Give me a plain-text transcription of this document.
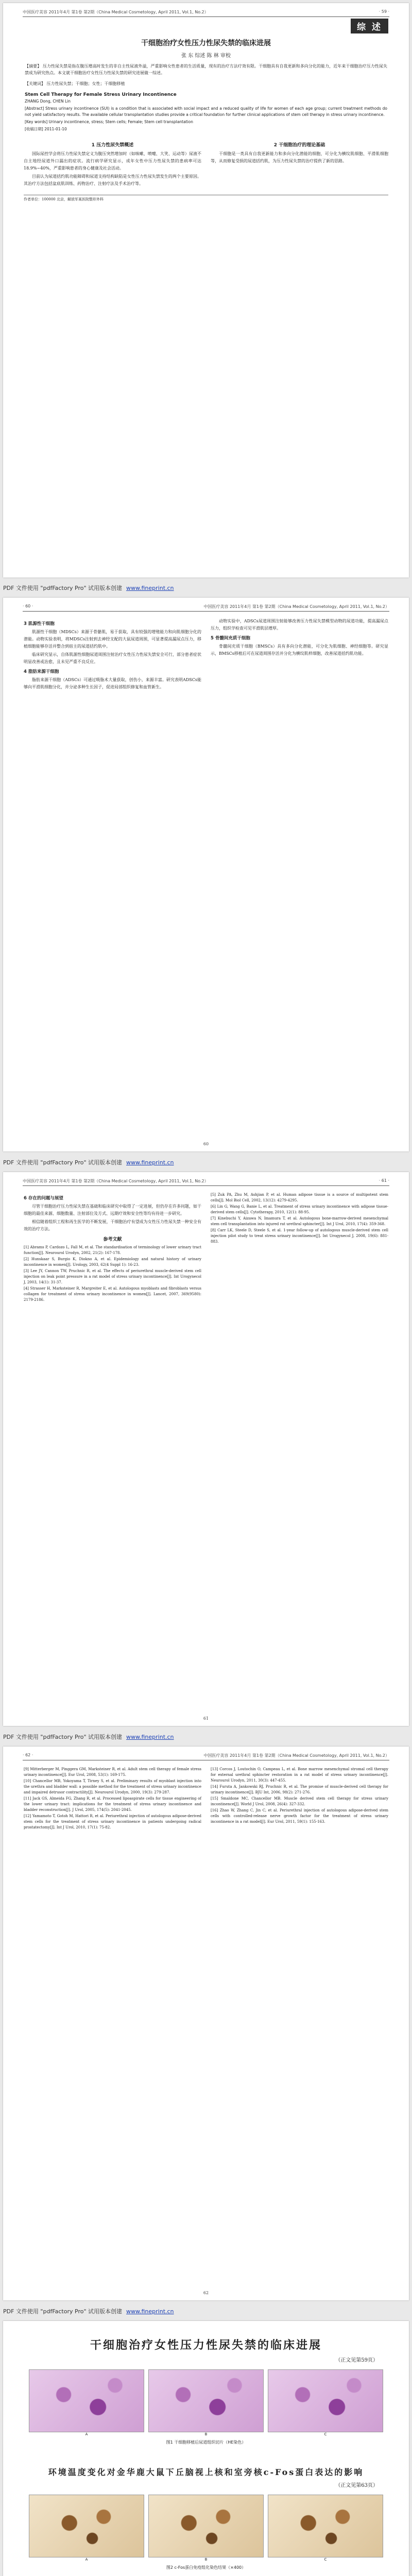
中国医疗美容 2011年4月 第1卷 第2期（China Medical Cosmetology, April 2011, Vol.1, No.2）	· 59 ·
综 述
干细胞治疗女性压力性尿失禁的临床进展
张 东 综述 陈 林 审校
【摘要】 压力性尿失禁是指在腹压增高时发生的非自主性尿液外溢，严重影响女性患者的生活质量，现有的治疗方法疗效有限。干细胞具有自我更新和多向分化的能力，近年来干细胞治疗压力性尿失禁成为研究热点。本文就干细胞治疗女性压力性尿失禁的研究进展做一综述。
【关键词】 压力性尿失禁；干细胞；女性；干细胞移植
Stem Cell Therapy for Female Stress Urinary Incontinence
ZHANG Dong, CHEN Lin
[Abstract] Stress urinary incontinence (SUI) is a condition that is associated with social impact and a reduced quality of life for women of each age group; current treatment methods do not yield satisfactory results. The available cellular transplantation studies provide a critical foundation for further clinical applications of stem cell therapy in stress urinary incontinence.
[Key words] Urinary incontinence, stress; Stem cells; Female; Stem cell transplantation
[收稿日期] 2011-01-10
1 压力性尿失禁概述

国际尿控学会将压力性尿失禁定义为腹压突然增加时（如咳嗽、喷嚏、大笑、运动等）尿液不自主地经尿道外口漏出的症状。流行病学研究显示，成年女性中压力性尿失禁的患病率可达18.9%~40%，严重影响患者的身心健康及社会活动。

目前认为尿道括约肌功能障碍和尿道支持结构缺陷是女性压力性尿失禁发生的两个主要原因。其治疗方法包括盆底肌训练、药物治疗、注射疗法及手术治疗等。

2 干细胞治疗的理论基础

干细胞是一类具有自我更新能力和多向分化潜能的细胞，可分化为横纹肌细胞、平滑肌细胞等，从而修复受损的尿道括约肌，为压力性尿失禁的治疗提供了新的思路。

作者单位：100000 北京，解放军某医院整形外科
PDF 文件使用 "pdfFactory Pro" 试用版本创建 www.fineprint.cn
· 60 ·	中国医疗美容 2011年4月 第1卷 第2期（China Medical Cosmetology, April 2011, Vol.1, No.2）
3 肌源性干细胞

肌源性干细胞（MDSCs）来源于骨骼肌，易于获取，具有较强的增殖能力和向肌细胞分化的潜能。动物实验表明，将MDSCs注射到去神经支配的大鼠尿道周围，可显著提高漏尿点压力，移植细胞能够存活并整合到宿主的尿道括约肌中。

临床研究显示，自体肌源性细胞尿道周围注射治疗女性压力性尿失禁安全可行，部分患者症状明显改善或治愈，且未见严重不良反应。

4 脂肪来源干细胞

脂肪来源干细胞（ADSCs）可通过吸脂术大量获取，创伤小，来源丰富。研究表明ADSCs能够向平滑肌细胞分化，并分泌多种生长因子，促进局部组织修复和血管新生。

动物实验中，ADSCs尿道周围注射能够改善压力性尿失禁模型动物的尿道功能，提高漏尿点压力，组织学检查可见平滑肌层增厚。

5 骨髓间充质干细胞

骨髓间充质干细胞（BMSCs）具有多向分化潜能，可分化为肌细胞、神经细胞等。研究显示，BMSCs移植后可在尿道周围存活并分化为横纹肌样细胞，改善尿道括约肌功能。

60
PDF 文件使用 "pdfFactory Pro" 试用版本创建 www.fineprint.cn
中国医疗美容 2011年4月 第1卷 第2期（China Medical Cosmetology, April 2011, Vol.1, No.2）	· 61 ·
6 存在的问题与展望

尽管干细胞治疗压力性尿失禁在基础和临床研究中取得了一定进展，但仍存在许多问题，如干细胞的最佳来源、细胞数量、注射部位及方式、远期疗效和安全性等均有待进一步研究。

相信随着组织工程和再生医学的不断发展，干细胞治疗有望成为女性压力性尿失禁一种安全有效的治疗方法。

参考文献
[1] Abrams P, Cardozo L, Fall M, et al. The standardisation of terminology of lower urinary tract function[J]. Neurourol Urodyn, 2002, 21(2): 167-178.
[2] Hunskaar S, Burgio K, Diokno A, et al. Epidemiology and natural history of urinary incontinence in women[J]. Urology, 2003, 62(4 Suppl 1): 16-23.
[3] Lee JY, Cannon TW, Pruchnic R, et al. The effects of periurethral muscle-derived stem cell injection on leak point pressure in a rat model of stress urinary incontinence[J]. Int Urogynecol J, 2003, 14(1): 31-37.
[4] Strasser H, Marksteiner R, Margreiter E, et al. Autologous myoblasts and fibroblasts versus collagen for treatment of stress urinary incontinence in women[J]. Lancet, 2007, 369(9580): 2179-2186.
[5] Zuk PA, Zhu M, Ashjian P, et al. Human adipose tissue is a source of multipotent stem cells[J]. Mol Biol Cell, 2002, 13(12): 4279-4295.
[6] Lin G, Wang G, Banie L, et al. Treatment of stress urinary incontinence with adipose tissue-derived stem cells[J]. Cytotherapy, 2010, 12(1): 88-95.
[7] Kinebuchi Y, Aizawa N, Imamura T, et al. Autologous bone-marrow-derived mesenchymal stem cell transplantation into injured rat urethral sphincter[J]. Int J Urol, 2010, 17(4): 359-368.
[8] Carr LK, Steele D, Steele S, et al. 1-year follow-up of autologous muscle-derived stem cell injection pilot study to treat stress urinary incontinence[J]. Int Urogynecol J, 2008, 19(6): 881-883.
61
PDF 文件使用 "pdfFactory Pro" 试用版本创建 www.fineprint.cn
· 62 ·	中国医疗美容 2011年4月 第1卷 第2期（China Medical Cosmetology, April 2011, Vol.1, No.2）
[9] Mitterberger M, Pinggera GM, Marksteiner R, et al. Adult stem cell therapy of female stress urinary incontinence[J]. Eur Urol, 2008, 53(1): 169-175.
[10] Chancellor MB, Yokoyama T, Tirney S, et al. Preliminary results of myoblast injection into the urethra and bladder wall: a possible method for the treatment of stress urinary incontinence and impaired detrusor contractility[J]. Neurourol Urodyn, 2000, 19(3): 279-287.
[11] Jack GS, Almeida FG, Zhang R, et al. Processed lipoaspirate cells for tissue engineering of the lower urinary tract: implications for the treatment of stress urinary incontinence and bladder reconstruction[J]. J Urol, 2005, 174(5): 2041-2045.
[12] Yamamoto T, Gotoh M, Hattori R, et al. Periurethral injection of autologous adipose-derived stem cells for the treatment of stress urinary incontinence in patients undergoing radical prostatectomy[J]. Int J Urol, 2010, 17(1): 75-82.
[13] Corcos J, Loutochin O, Campeau L, et al. Bone marrow mesenchymal stromal cell therapy for external urethral sphincter restoration in a rat model of stress urinary incontinence[J]. Neurourol Urodyn, 2011, 30(3): 447-455.
[14] Furuta A, Jankowski RJ, Pruchnic R, et al. The promise of muscle-derived cell therapy for urinary incontinence[J]. BJU Int, 2006, 98(2): 271-276.
[15] Smaldone MC, Chancellor MB. Muscle derived stem cell therapy for stress urinary incontinence[J]. World J Urol, 2008, 26(4): 327-332.
[16] Zhao W, Zhang C, Jin C, et al. Periurethral injection of autologous adipose-derived stem cells with controlled-release nerve growth factor for the treatment of stress urinary incontinence in a rat model[J]. Eur Urol, 2011, 59(1): 155-163.
62
PDF 文件使用 "pdfFactory Pro" 试用版本创建 www.fineprint.cn
干细胞治疗女性压力性尿失禁的临床进展
（正文见第59页）
A	B	C
图1 干细胞移植后尿道组织切片（HE染色）
环境温度变化对金华鹿大鼠下丘脑视上核和室旁核c-Fos蛋白表达的影响
（正文见第63页）
A	B	C
图2 c-Fos蛋白免疫组化染色结果（×400）
